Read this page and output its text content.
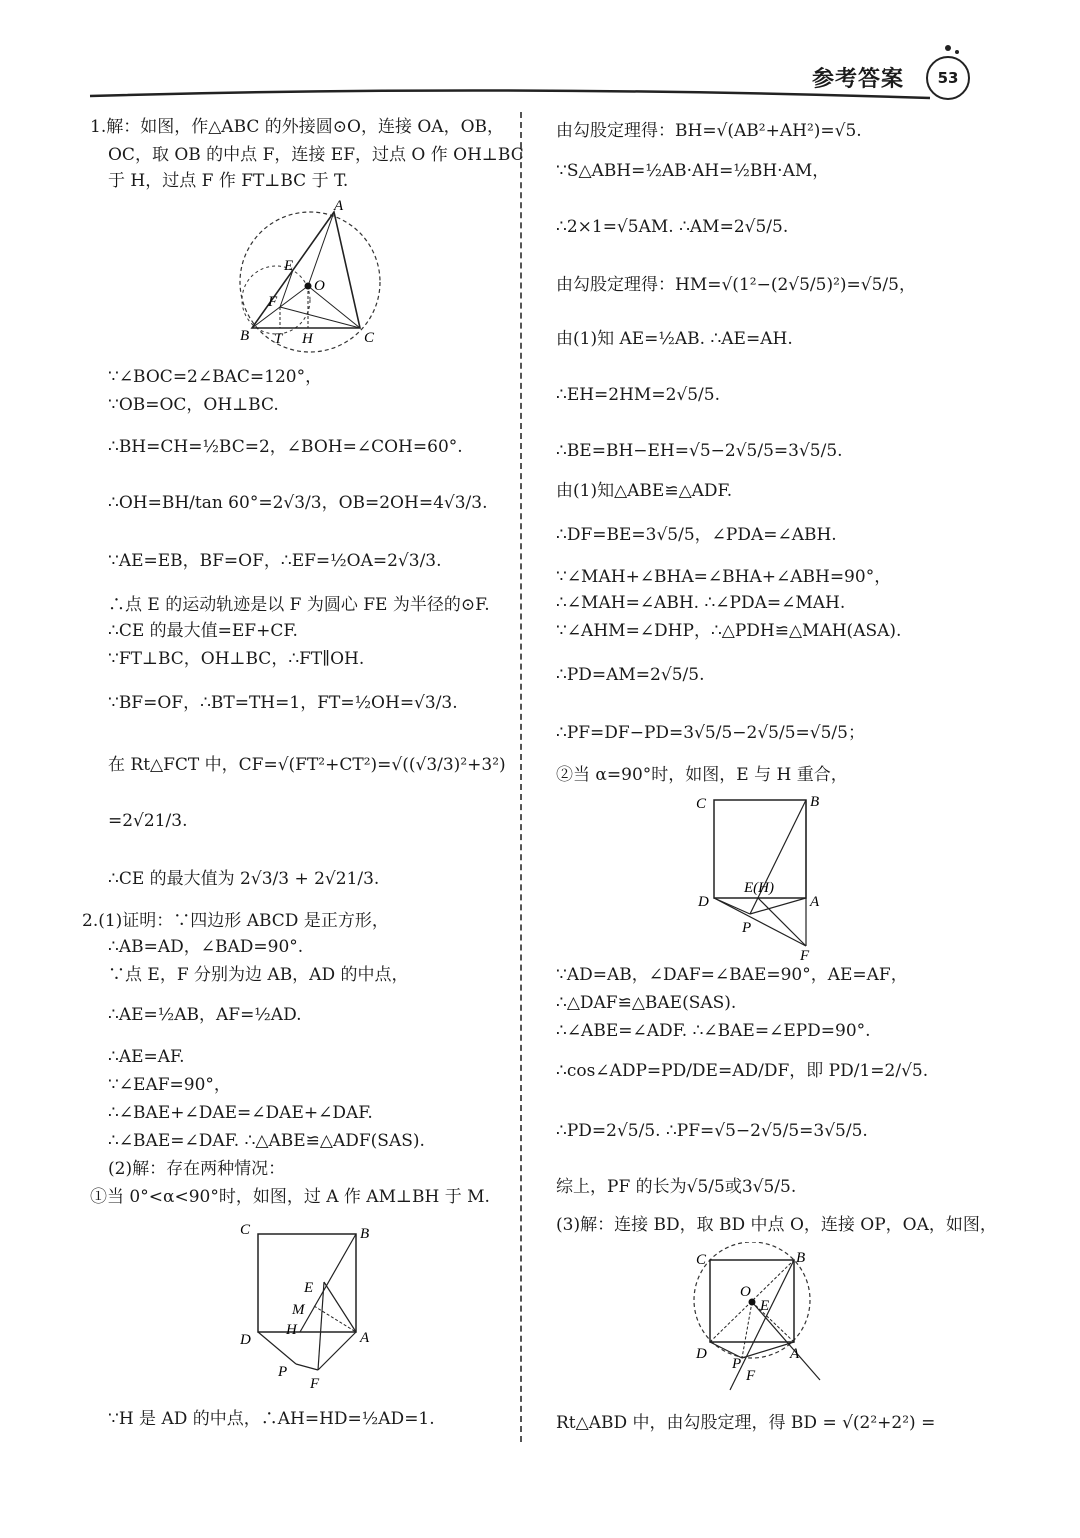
参考答案	53
1.解：如图，作△ABC 的外接圆⊙O，连接 OA，OB，
OC，取 OB 的中点 F，连接 EF，过点 O 作 OH⊥BC
于 H，过点 F 作 FT⊥BC 于 T.
A
E
O
F
B T H	C
∵∠BOC=2∠BAC=120°，
∵OB=OC，OH⊥BC.
∴BH=CH=½BC=2，∠BOH=∠COH=60°.
∴OH=BH/tan 60°=2√3/3，OB=2OH=4√3/3.
∵AE=EB，BF=OF，∴EF=½OA=2√3/3.
∴点 E 的运动轨迹是以 F 为圆心 FE 为半径的⊙F.
∴CE 的最大值=EF+CF.
∵FT⊥BC，OH⊥BC，∴FT∥OH.
∵BF=OF，∴BT=TH=1，FT=½OH=√3/3.
在 Rt△FCT 中，CF=√(FT²+CT²)=√((√3/3)²+3²)
=2√21/3.
∴CE 的最大值为 2√3/3 + 2√21/3.
2.(1)证明：∵四边形 ABCD 是正方形，
∴AB=AD，∠BAD=90°.
∵点 E，F 分别为边 AB，AD 的中点，
∴AE=½AB，AF=½AD.
∴AE=AF.
∵∠EAF=90°，
∴∠BAE+∠DAE=∠DAE+∠DAF.
∴∠BAE=∠DAF. ∴△ABE≌△ADF(SAS).
(2)解：存在两种情况：
①当 0°<α<90°时，如图，过 A 作 AM⊥BH 于 M.
C	B
E
M
H
D	A
P
F
∵H 是 AD 的中点，∴AH=HD=½AD=1.
由勾股定理得：BH=√(AB²+AH²)=√5.
∵S△ABH=½AB·AH=½BH·AM，
∴2×1=√5AM. ∴AM=2√5/5.
由勾股定理得：HM=√(1²−(2√5/5)²)=√5/5，
由(1)知 AE=½AB. ∴AE=AH.
∴EH=2HM=2√5/5.
∴BE=BH−EH=√5−2√5/5=3√5/5.
由(1)知△ABE≌△ADF.
∴DF=BE=3√5/5，∠PDA=∠ABH.
∵∠MAH+∠BHA=∠BHA+∠ABH=90°，
∴∠MAH=∠ABH. ∴∠PDA=∠MAH.
∵∠AHM=∠DHP，∴△PDH≌△MAH(ASA).
∴PD=AM=2√5/5.
∴PF=DF−PD=3√5/5−2√5/5=√5/5；
②当 α=90°时，如图，E 与 H 重合，
C	B
E(H)
D	A
P
F
∵AD=AB，∠DAF=∠BAE=90°，AE=AF，
∴△DAF≌△BAE(SAS).
∴∠ABE=∠ADF. ∴∠BAE=∠EPD=90°.
∴cos∠ADP=PD/DE=AD/DF，即 PD/1=2/√5.
∴PD=2√5/5. ∴PF=√5−2√5/5=3√5/5.
综上，PF 的长为√5/5或3√5/5.
(3)解：连接 BD，取 BD 中点 O，连接 OP，OA，如图，
C	B
O
E
D	A
P
F
Rt△ABD 中，由勾股定理，得 BD = √(2²+2²) =
